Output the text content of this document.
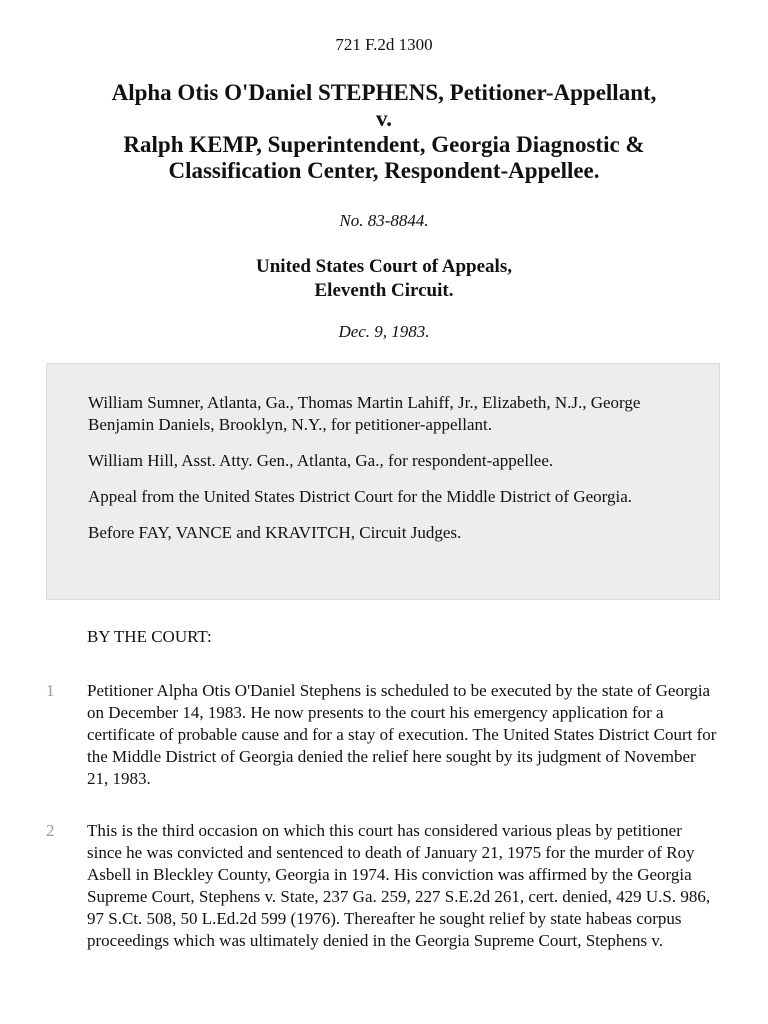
721 F.2d 1300
Alpha Otis O'Daniel STEPHENS, Petitioner-Appellant,
v.
Ralph KEMP, Superintendent, Georgia Diagnostic &
Classification Center, Respondent-Appellee.
No. 83-8844.
United States Court of Appeals,
Eleventh Circuit.
Dec. 9, 1983.

William Sumner, Atlanta, Ga., Thomas Martin Lahiff, Jr., Elizabeth, N.J., George Benjamin Daniels, Brooklyn, N.Y., for petitioner-appellant.

William Hill, Asst. Atty. Gen., Atlanta, Ga., for respondent-appellee.

Appeal from the United States District Court for the Middle District of Georgia.

Before FAY, VANCE and KRAVITCH, Circuit Judges.

BY THE COURT:
1	Petitioner Alpha Otis O'Daniel Stephens is scheduled to be executed by the state of Georgia on December 14, 1983. He now presents to the court his emergency application for a certificate of probable cause and for a stay of execution. The United States District Court for the Middle District of Georgia denied the relief here sought by its judgment of November 21, 1983.

2	This is the third occasion on which this court has considered various pleas by petitioner since he was convicted and sentenced to death of January 21, 1975 for the murder of Roy Asbell in Bleckley County, Georgia in 1974. His conviction was affirmed by the Georgia Supreme Court, Stephens v. State, 237 Ga. 259, 227 S.E.2d 261, cert. denied, 429 U.S. 986, 97 S.Ct. 508, 50 L.Ed.2d 599 (1976). Thereafter he sought relief by state habeas corpus proceedings which was ultimately denied in the Georgia Supreme Court, Stephens v.
